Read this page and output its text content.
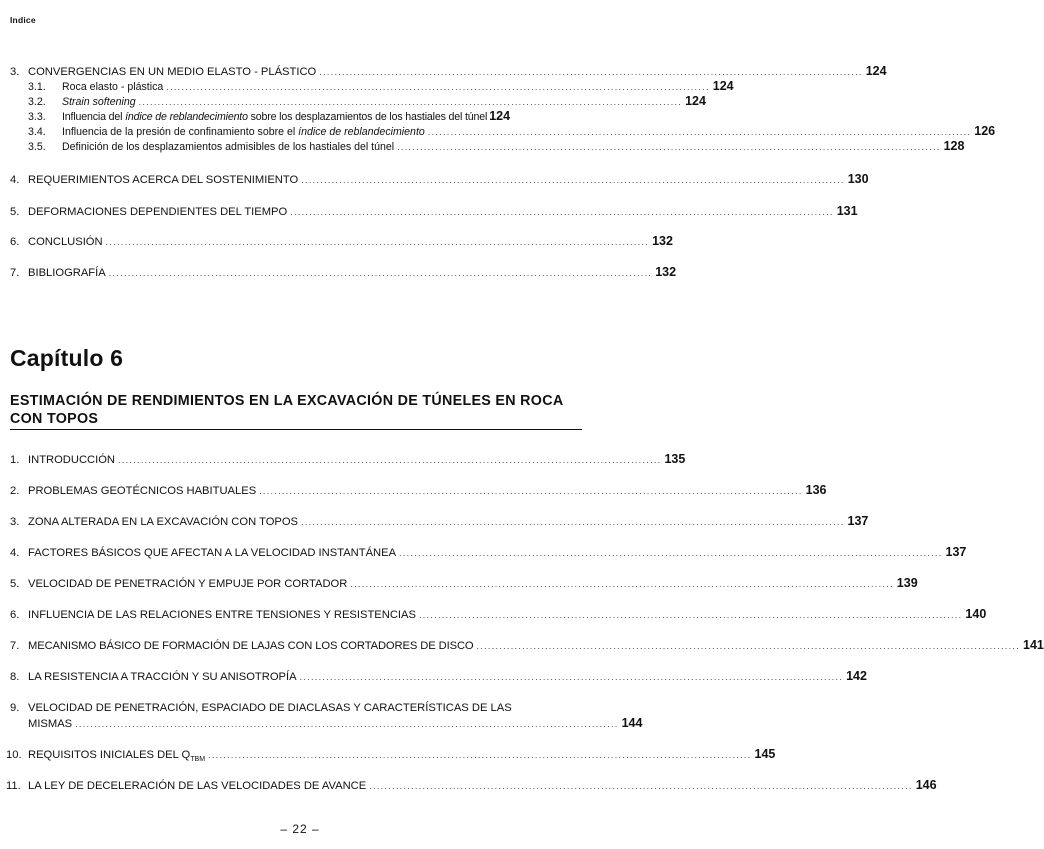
Indice
3. CONVERGENCIAS EN UN MEDIO ELASTO - PLÁSTICO ............................................................................................................................................... 124
3.1.	Roca elasto - plástica ............................................................................................................................................... 124
3.2.	Strain softening ............................................................................................................................................... 124
3.3.	Influencia del índice de reblandecimiento sobre los desplazamientos de los hastiales del túnel 124
3.4.	Influencia de la presión de confinamiento sobre el índice de reblandecimiento ............................................................................................................................................... 126
3.5.	Definición de los desplazamientos admisibles de los hastiales del túnel ............................................................................................................................................... 128
4. REQUERIMIENTOS ACERCA DEL SOSTENIMIENTO ............................................................................................................................................... 130
5. DEFORMACIONES DEPENDIENTES DEL TIEMPO ............................................................................................................................................... 131
6. CONCLUSIÓN ............................................................................................................................................... 132
7. BIBLIOGRAFÍA ............................................................................................................................................... 132
Capítulo 6
ESTIMACIÓN DE RENDIMIENTOS EN LA EXCAVACIÓN DE TÚNELES EN ROCA CON TOPOS
1. INTRODUCCIÓN ............................................................................................................................................... 135
2. PROBLEMAS GEOTÉCNICOS HABITUALES ............................................................................................................................................... 136
3. ZONA ALTERADA EN LA EXCAVACIÓN CON TOPOS ............................................................................................................................................... 137
4. FACTORES BÁSICOS QUE AFECTAN A LA VELOCIDAD INSTANTÁNEA ............................................................................................................................................... 137
5. VELOCIDAD DE PENETRACIÓN Y EMPUJE POR CORTADOR ............................................................................................................................................... 139
6. INFLUENCIA DE LAS RELACIONES ENTRE TENSIONES Y RESISTENCIAS ............................................................................................................................................... 140
7. MECANISMO BÁSICO DE FORMACIÓN DE LAJAS CON LOS CORTADORES DE DISCO ............................................................................................................................................... 141
8. LA RESISTENCIA A TRACCIÓN Y SU ANISOTROPÍA ............................................................................................................................................... 142
9. VELOCIDAD DE PENETRACIÓN, ESPACIADO DE DIACLASAS Y CARACTERÍSTICAS DE LAS
MISMAS ............................................................................................................................................... 144
10. REQUISITOS INICIALES DEL $Q_{TBM}$ ............................................................................................................................................... 145
11. LA LEY DE DECELERACIÓN DE LAS VELOCIDADES DE AVANCE ............................................................................................................................................... 146
– 22 –
